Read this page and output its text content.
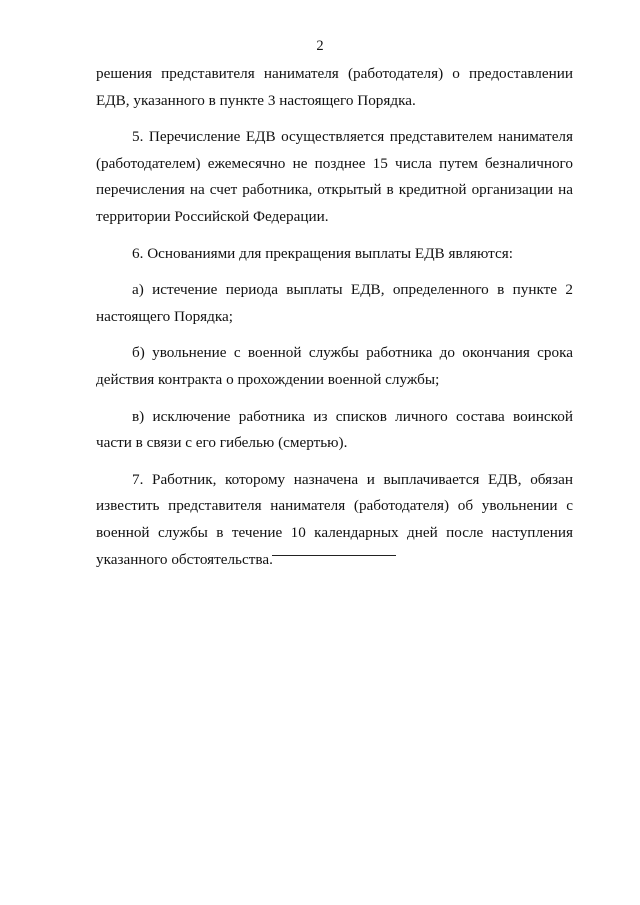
2

решения представителя нанимателя (работодателя) о предоставлении ЕДВ, указанного в пункте 3 настоящего Порядка.

5. Перечисление ЕДВ осуществляется представителем нанимателя (работодателем) ежемесячно не позднее 15 числа путем безналичного перечисления на счет работника, открытый в кредитной организации на территории Российской Федерации.

6. Основаниями для прекращения выплаты ЕДВ являются:

а) истечение периода выплаты ЕДВ, определенного в пункте 2 настоящего Порядка;

б) увольнение с военной службы работника до окончания срока действия контракта о прохождении военной службы;

в) исключение работника из списков личного состава воинской части в связи с его гибелью (смертью).

7. Работник, которому назначена и выплачивается ЕДВ, обязан известить представителя нанимателя (работодателя) об увольнении с военной службы в течение 10 календарных дней после наступления указанного обстоятельства.
